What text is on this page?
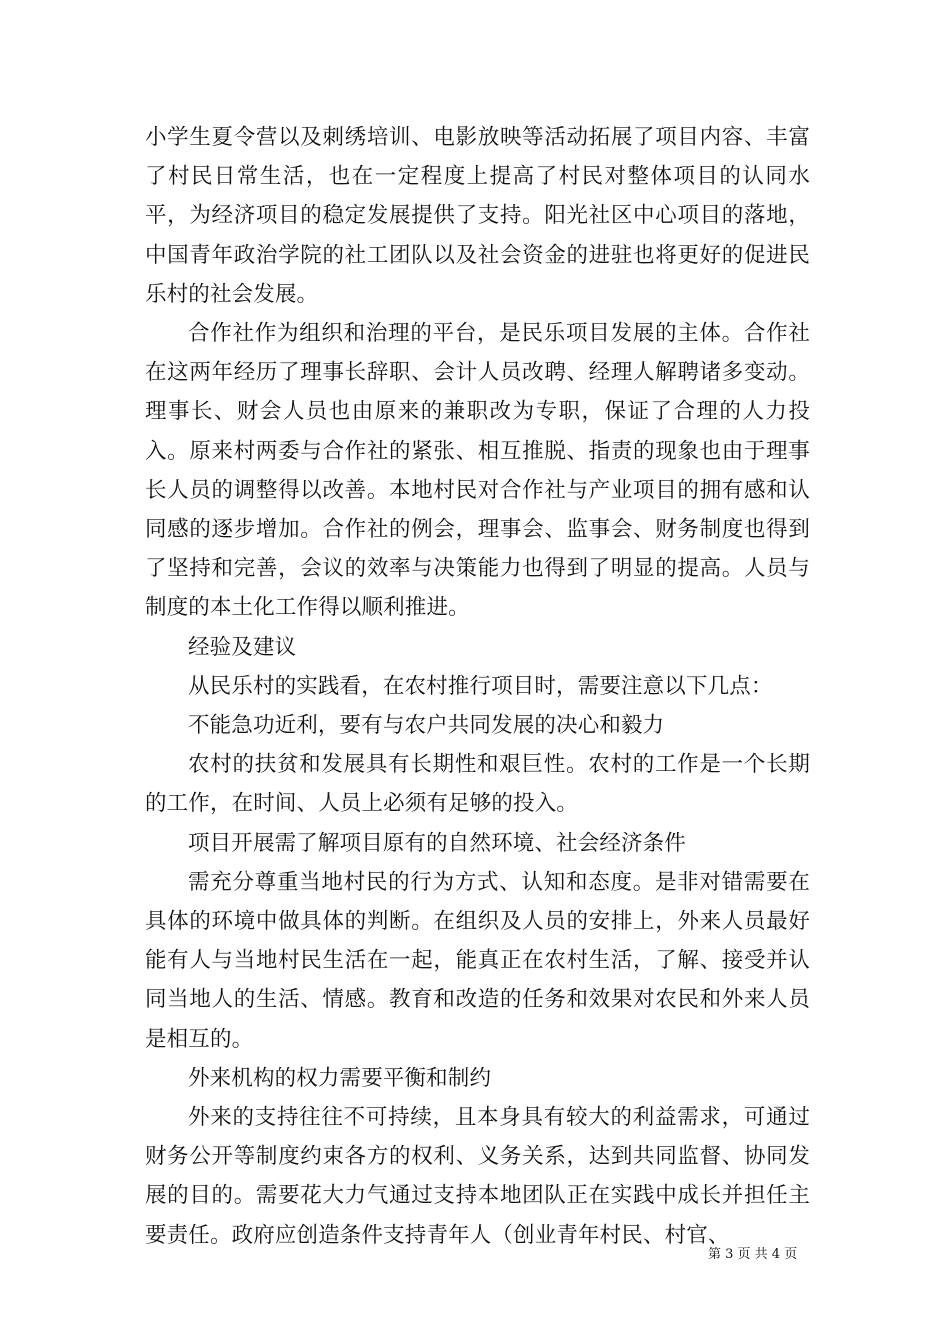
小学生夏令营以及刺绣培训、电影放映等活动拓展了项目内容、丰富了村民日常生活，也在一定程度上提高了村民对整体项目的认同水平，为经济项目的稳定发展提供了支持。阳光社区中心项目的落地，中国青年政治学院的社工团队以及社会资金的进驻也将更好的促进民乐村的社会发展。

合作社作为组织和治理的平台，是民乐项目发展的主体。合作社在这两年经历了理事长辞职、会计人员改聘、经理人解聘诸多变动。理事长、财会人员也由原来的兼职改为专职，保证了合理的人力投入。原来村两委与合作社的紧张、相互推脱、指责的现象也由于理事长人员的调整得以改善。本地村民对合作社与产业项目的拥有感和认同感的逐步增加。合作社的例会，理事会、监事会、财务制度也得到了坚持和完善，会议的效率与决策能力也得到了明显的提高。人员与制度的本土化工作得以顺利推进。

经验及建议

从民乐村的实践看，在农村推行项目时，需要注意以下几点：

不能急功近利，要有与农户共同发展的决心和毅力

农村的扶贫和发展具有长期性和艰巨性。农村的工作是一个长期的工作，在时间、人员上必须有足够的投入。

项目开展需了解项目原有的自然环境、社会经济条件

需充分尊重当地村民的行为方式、认知和态度。是非对错需要在具体的环境中做具体的判断。在组织及人员的安排上，外来人员最好能有人与当地村民生活在一起，能真正在农村生活，了解、接受并认同当地人的生活、情感。教育和改造的任务和效果对农民和外来人员是相互的。

外来机构的权力需要平衡和制约

外来的支持往往不可持续，且本身具有较大的利益需求，可通过财务公开等制度约束各方的权利、义务关系，达到共同监督、协同发展的目的。需要花大力气通过支持本地团队正在实践中成长并担任主要责任。政府应创造条件支持青年人（创业青年村民、村官、

第 3 页 共 4 页
